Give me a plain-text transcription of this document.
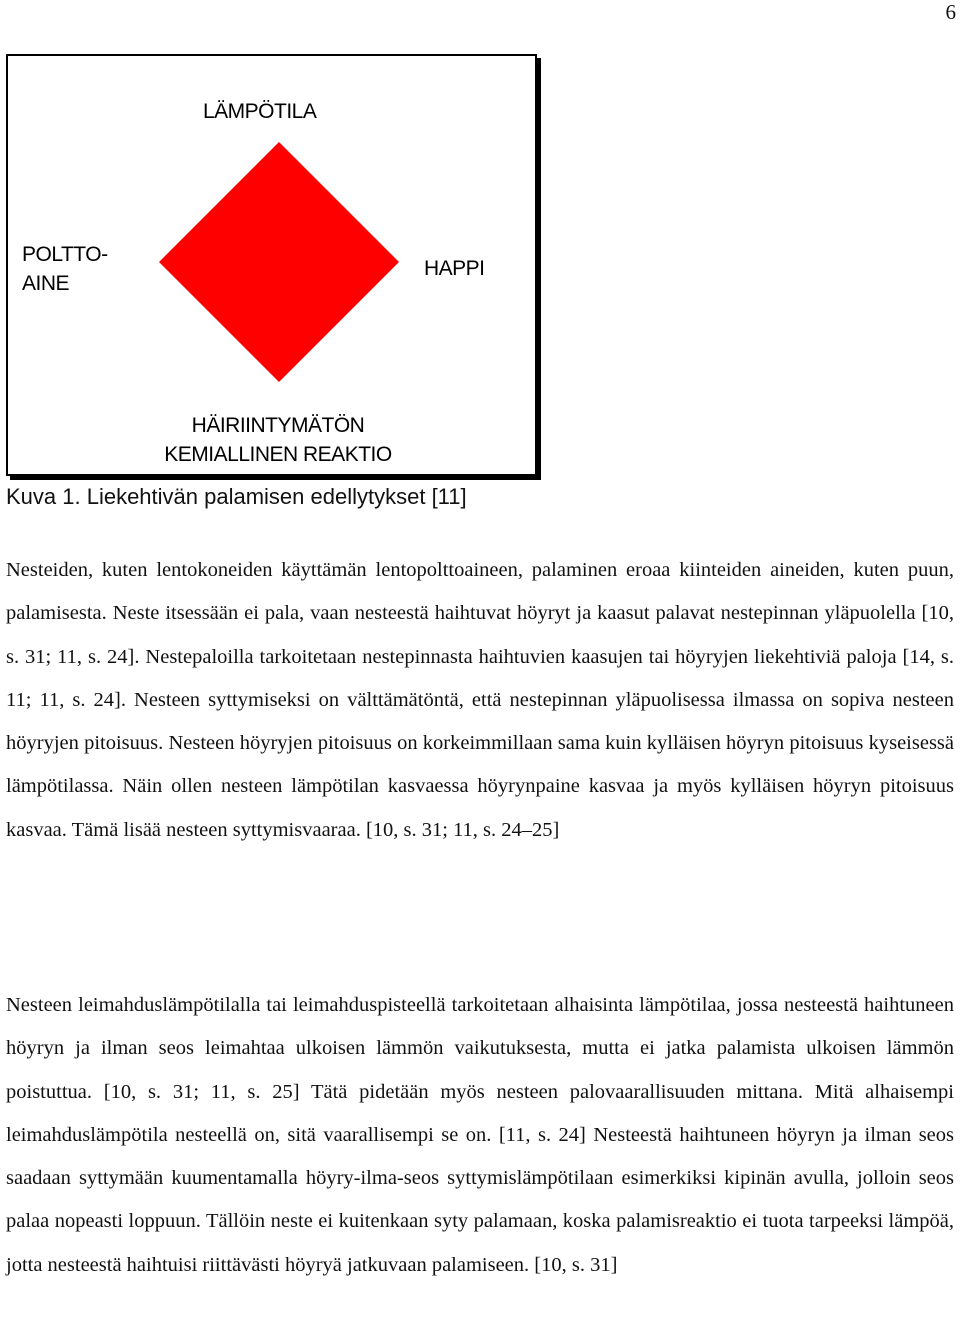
6
LÄMPÖTILA
POLTTO-
AINE
HAPPI
HÄIRIINTYMÄTÖN
KEMIALLINEN REAKTIO
Kuva 1. Liekehtivän palamisen edellytykset [11]

Nesteiden, kuten lentokoneiden käyttämän lentopolttoaineen, palaminen eroaa kiinteiden aineiden, kuten puun, palamisesta. Neste itsessään ei pala, vaan nesteestä haihtuvat höyryt ja kaasut palavat nestepinnan yläpuolella [10, s. 31; 11, s. 24]. Nestepaloilla tarkoitetaan nestepinnasta haihtuvien kaasujen tai höyryjen liekehtiviä paloja [14, s. 11; 11, s. 24]. Nesteen syttymiseksi on välttämätöntä, että nestepinnan yläpuolisessa ilmassa on sopiva nesteen höyryjen pitoisuus. Nesteen höyryjen pitoisuus on korkeimmillaan sama kuin kylläisen höyryn pitoisuus kyseisessä lämpötilassa. Näin ollen nesteen lämpötilan kasvaessa höyrynpaine kasvaa ja myös kylläisen höyryn pitoisuus kasvaa. Tämä lisää nesteen syttymisvaaraa. [10, s. 31; 11, s. 24–25]

Nesteen leimahduslämpötilalla tai leimahduspisteellä tarkoitetaan alhaisinta lämpötilaa, jossa nesteestä haihtuneen höyryn ja ilman seos leimahtaa ulkoisen lämmön vaikutuksesta, mutta ei jatka palamista ulkoisen lämmön poistuttua. [10, s. 31; 11, s. 25] Tätä pidetään myös nesteen palovaarallisuuden mittana. Mitä alhaisempi leimahduslämpötila nesteellä on, sitä vaarallisempi se on. [11, s. 24] Nesteestä haihtuneen höyryn ja ilman seos saadaan syttymään kuumentamalla höyry-ilma-seos syttymislämpötilaan esimerkiksi kipinän avulla, jolloin seos palaa nopeasti loppuun. Tällöin neste ei kuitenkaan syty palamaan, koska palamisreaktio ei tuota tarpeeksi lämpöä, jotta nesteestä haihtuisi riittävästi höyryä jatkuvaan palamiseen. [10, s. 31]
